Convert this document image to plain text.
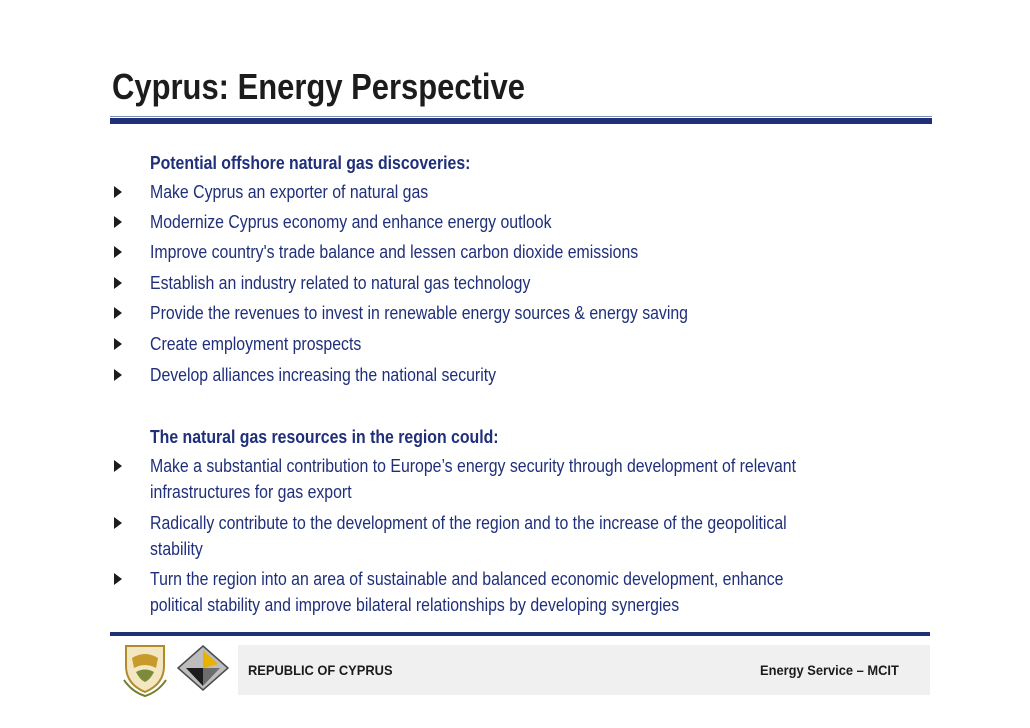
Cyprus: Energy Perspective
Potential offshore natural gas discoveries:
Make Cyprus an exporter of natural gas
Modernize Cyprus economy and enhance energy outlook
Improve country's trade balance and lessen carbon dioxide emissions
Establish an industry related to natural gas technology
Provide the revenues to invest in renewable energy sources & energy saving
Create employment prospects
Develop alliances increasing the national security
The natural gas resources in the region could:
Make a substantial contribution to Europe’s energy security through development of relevant
infrastructures for gas export
Radically contribute to the development of the region and to the increase of the geopolitical
stability
Turn the region into an area of sustainable and balanced economic development, enhance
political stability and improve bilateral relationships by developing synergies
REPUBLIC OF CYPRUS	Energy Service – MCIT
